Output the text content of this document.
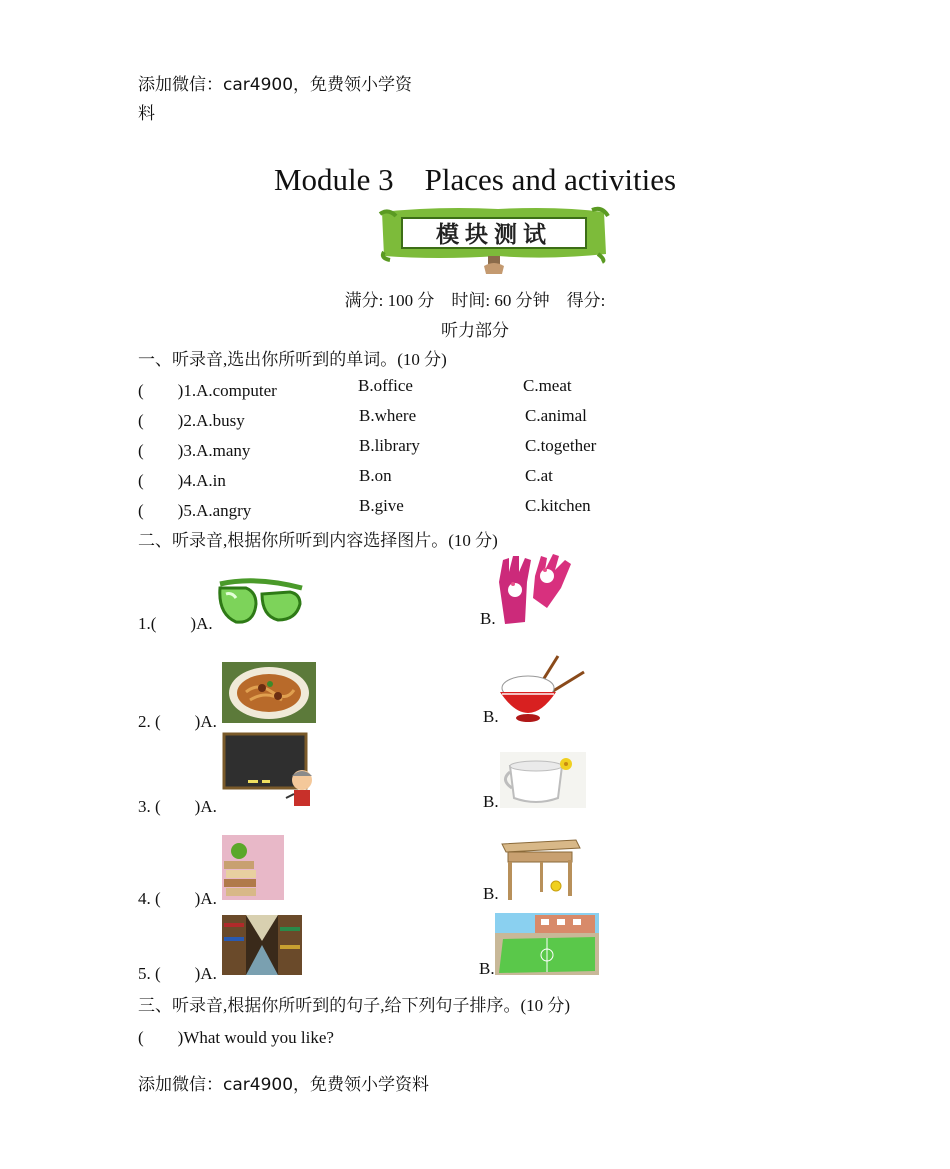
添加微信：car4900，免费领小学资
料
Module 3　Places and activities
模块测试
满分: 100 分　时间: 60 分钟　得分:
听力部分
一、听录音,选出你所听到的单词。(10 分)
(　　)1.A.computer	B.office	C.meat
(　　)2.A.busy	B.where	C.animal
(　　)3.A.many	B.library	C.together
(　　)4.A.in	B.on	C.at
(　　)5.A.angry	B.give	C.kitchen
二、听录音,根据你所听到内容选择图片。(10 分)
1.(　　)A.	B.
2. (　　)A.	B.
3. (　　)A.	B.
4. (　　)A.	B.
5. (　　)A.	B.
三、听录音,根据你所听到的句子,给下列句子排序。(10 分)
(　　)What would you like?
添加微信：car4900，免费领小学资料
